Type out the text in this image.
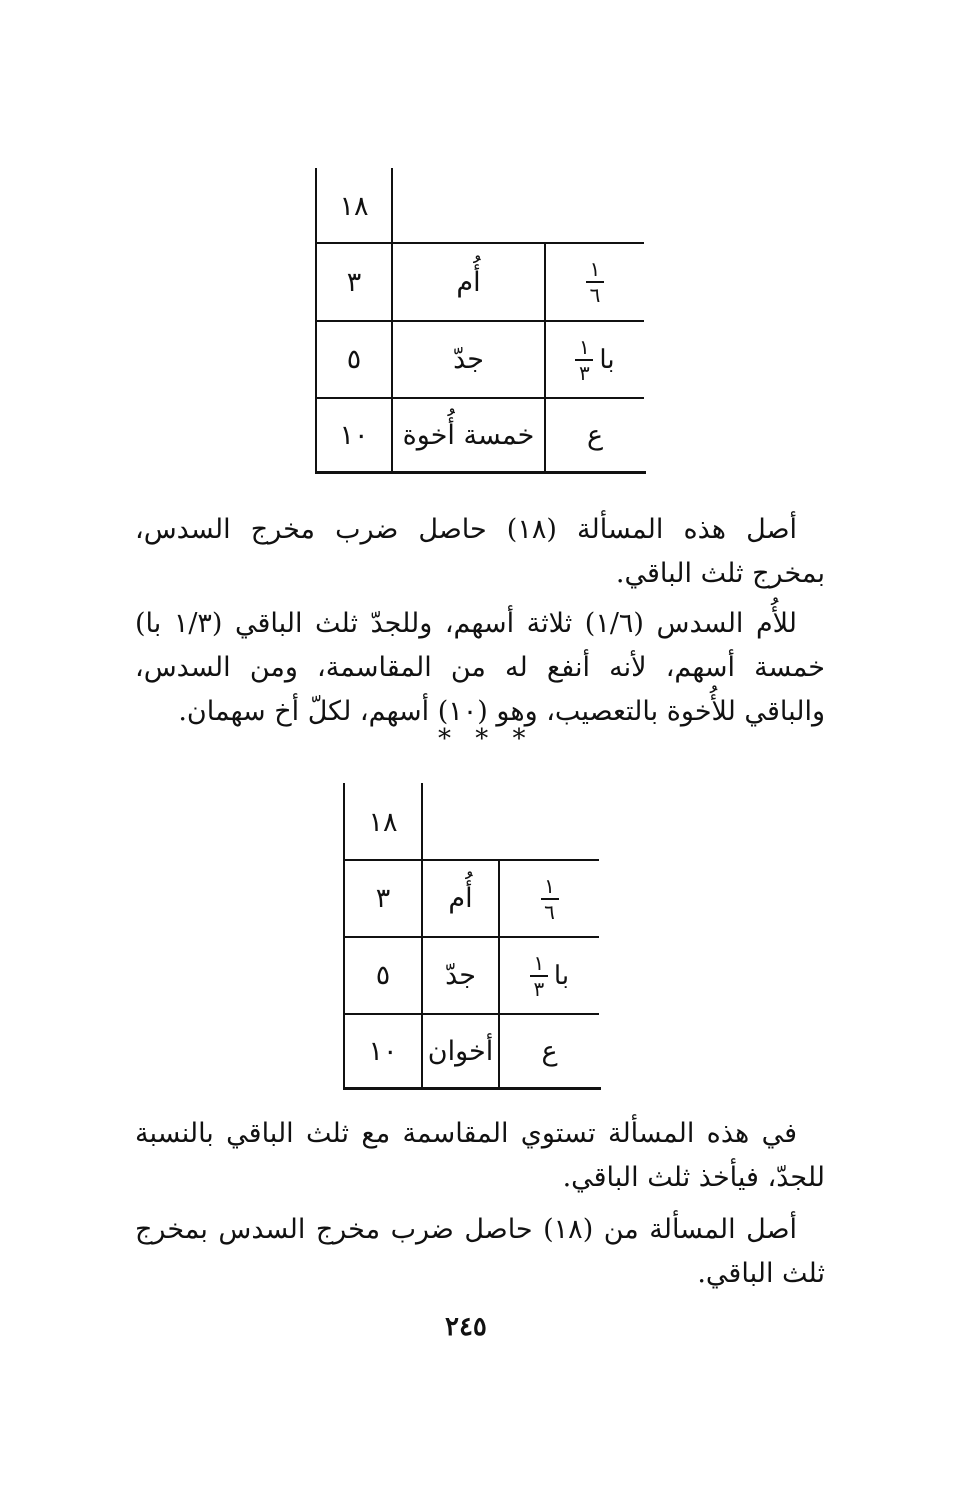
١٨
$\frac{١}{٦}$
أُم
٣
$\frac{١}{٣}$ با
جدّ
٥
ع
خمسة أُخوة
١٠

أصل هذه المسألة (١٨) حاصل ضرب مخرج السدس، بمخرج ثلث الباقي.

للأُم السدس (١/٦) ثلاثة أسهم، وللجدّ ثلث الباقي (١/٣ با) خمسة أسهم، لأنه أنفع له من المقاسمة، ومن السدس، والباقي للأُخوة بالتعصيب، وهو (١٠) أسهم، لكلّ أخ سهمان.

* * *
١٨
$\frac{١}{٦}$
أُم
٣
$\frac{١}{٣}$ با
جدّ
٥
ع
أخوان
١٠

في هذه المسألة تستوي المقاسمة مع ثلث الباقي بالنسبة للجدّ، فيأخذ ثلث الباقي.

أصل المسألة من (١٨) حاصل ضرب مخرج السدس بمخرج ثلث الباقي.

٢٤٥
